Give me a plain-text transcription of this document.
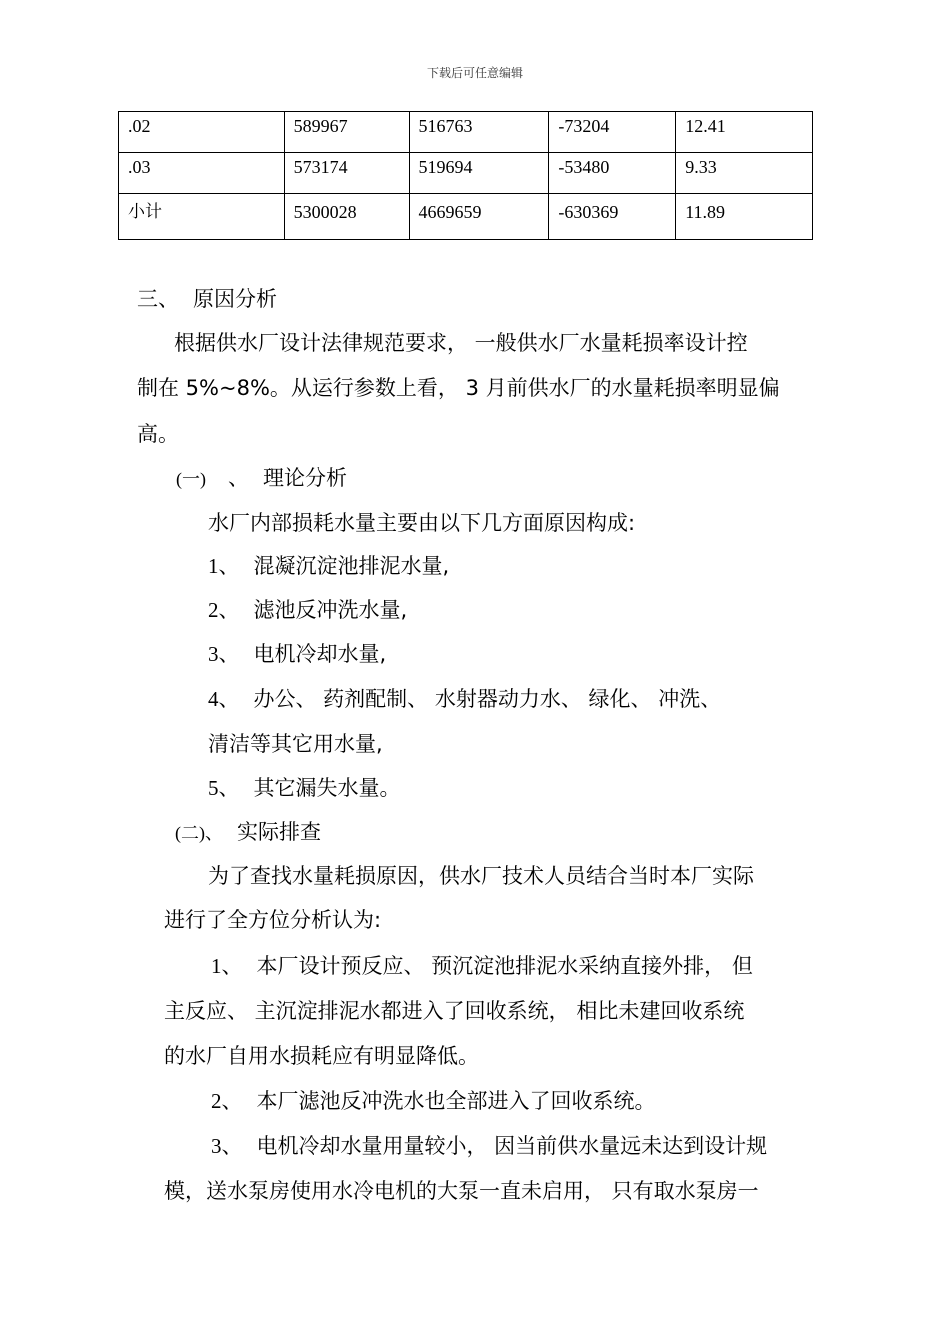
下载后可任意编辑
.02	589967	516763	-73204	12.41
.03	573174	519694	-53480	9.33
小计	5300028	4669659	-630369	11.89
三、 原因分析
根据供水厂设计法律规范要求， 一般供水厂水量耗损率设计控
制在 5%~8%。从运行参数上看， 3 月前供水厂的水量耗损率明显偏
高。
(一) 、 理论分析
水厂内部损耗水量主要由以下几方面原因构成:
1、 混凝沉淀池排泥水量,
2、 滤池反冲洗水量,
3、 电机冷却水量,
4、 办公、 药剂配制、 水射器动力水、 绿化、 冲洗、
清洁等其它用水量,
5、 其它漏失水量。
(二)、 实际排查
为了查找水量耗损原因，供水厂技术人员结合当时本厂实际
进行了全方位分析认为:
1、 本厂设计预反应、 预沉淀池排泥水采纳直接外排， 但
主反应、 主沉淀排泥水都进入了回收系统， 相比未建回收系统
的水厂自用水损耗应有明显降低。
2、 本厂滤池反冲洗水也全部进入了回收系统。
3、 电机冷却水量用量较小， 因当前供水量远未达到设计规
模，送水泵房使用水冷电机的大泵一直未启用， 只有取水泵房一
